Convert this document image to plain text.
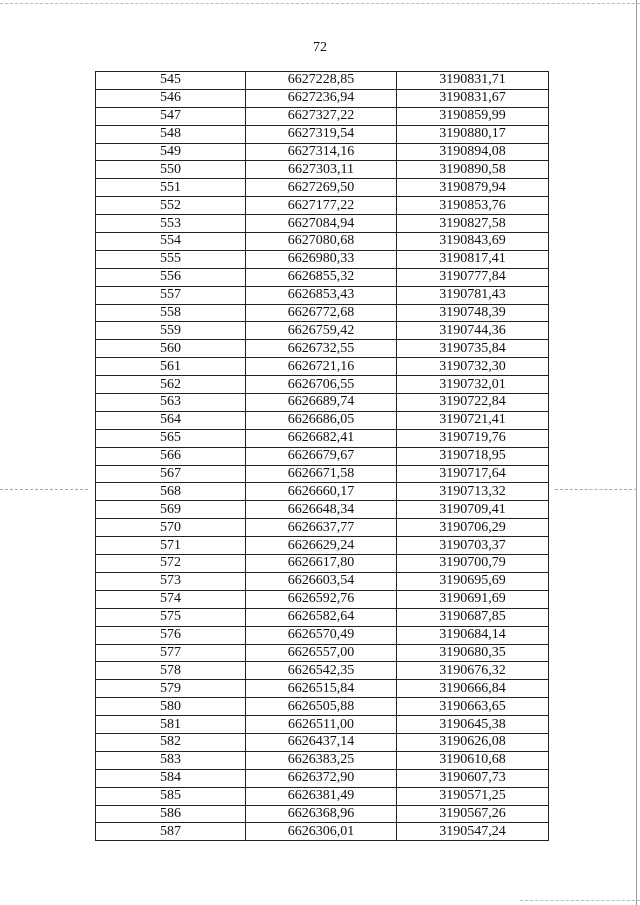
72
545	6627228,85	3190831,71
546	6627236,94	3190831,67
547	6627327,22	3190859,99
548	6627319,54	3190880,17
549	6627314,16	3190894,08
550	6627303,11	3190890,58
551	6627269,50	3190879,94
552	6627177,22	3190853,76
553	6627084,94	3190827,58
554	6627080,68	3190843,69
555	6626980,33	3190817,41
556	6626855,32	3190777,84
557	6626853,43	3190781,43
558	6626772,68	3190748,39
559	6626759,42	3190744,36
560	6626732,55	3190735,84
561	6626721,16	3190732,30
562	6626706,55	3190732,01
563	6626689,74	3190722,84
564	6626686,05	3190721,41
565	6626682,41	3190719,76
566	6626679,67	3190718,95
567	6626671,58	3190717,64
568	6626660,17	3190713,32
569	6626648,34	3190709,41
570	6626637,77	3190706,29
571	6626629,24	3190703,37
572	6626617,80	3190700,79
573	6626603,54	3190695,69
574	6626592,76	3190691,69
575	6626582,64	3190687,85
576	6626570,49	3190684,14
577	6626557,00	3190680,35
578	6626542,35	3190676,32
579	6626515,84	3190666,84
580	6626505,88	3190663,65
581	6626511,00	3190645,38
582	6626437,14	3190626,08
583	6626383,25	3190610,68
584	6626372,90	3190607,73
585	6626381,49	3190571,25
586	6626368,96	3190567,26
587	6626306,01	3190547,24
